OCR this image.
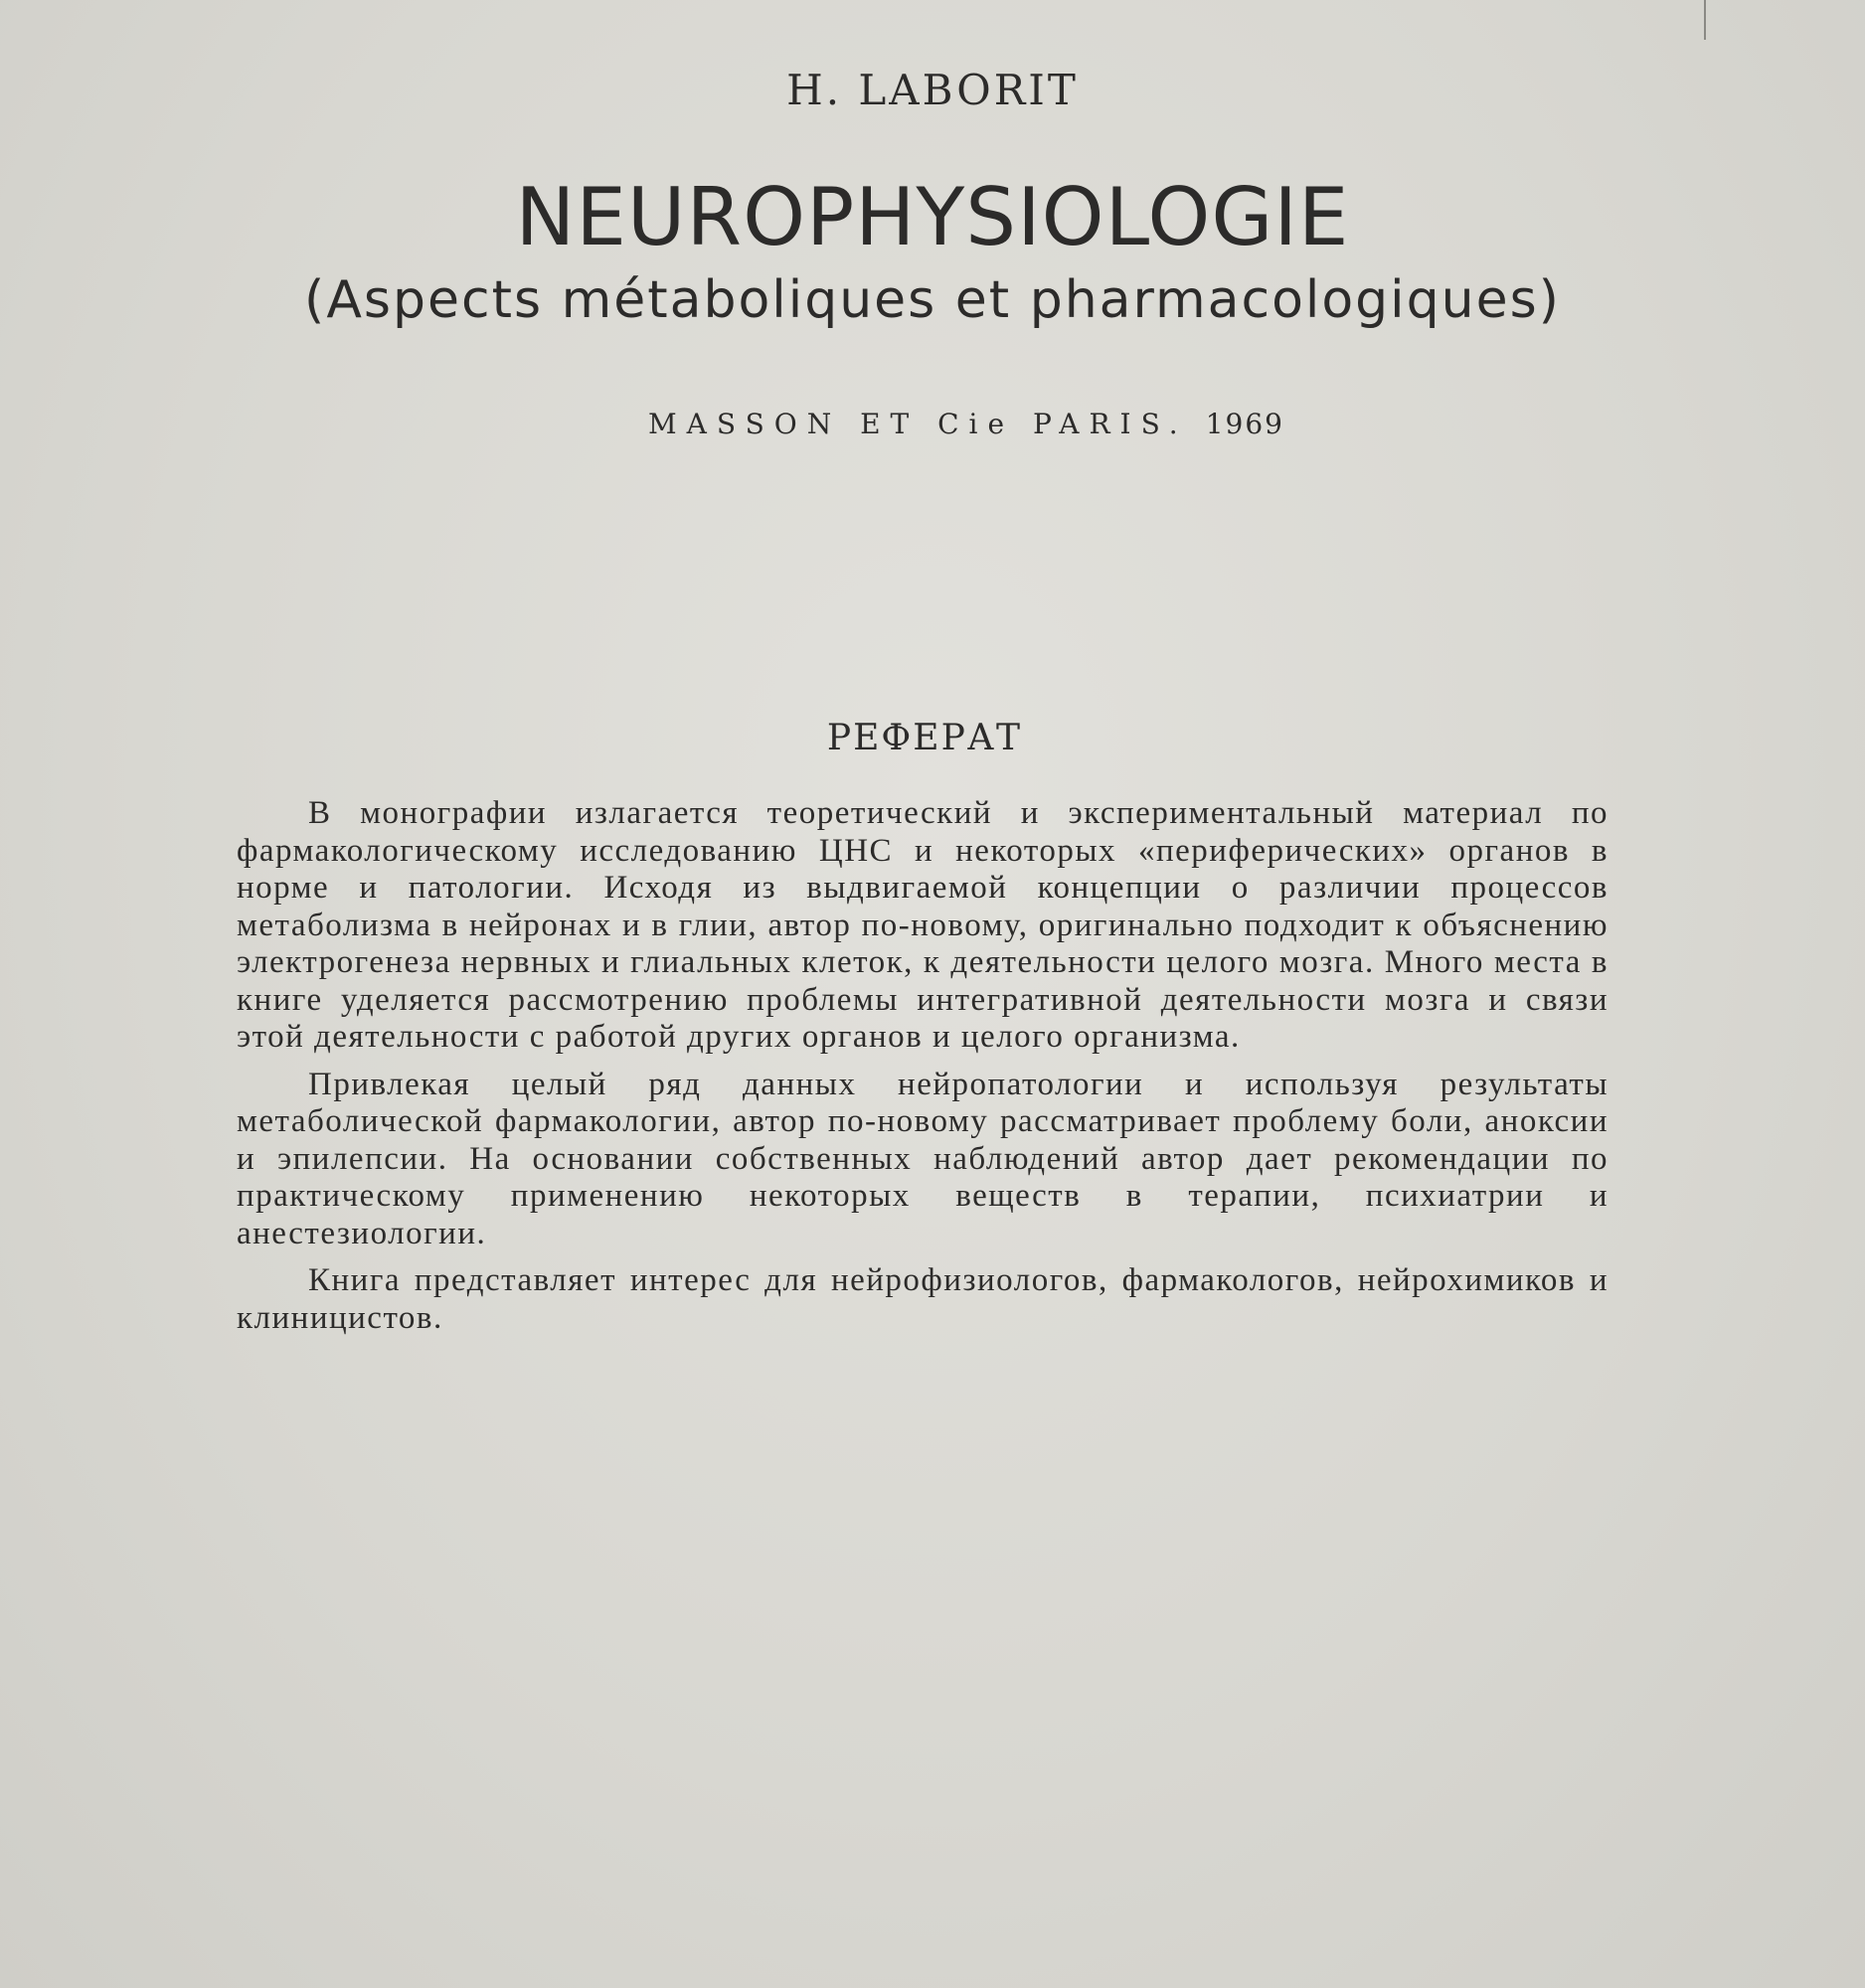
H. LABORIT
NEUROPHYSIOLOGIE
(Aspects métaboliques et pharmacologiques)
MASSON ET Cie PARIS. 1969
РЕФЕРАТ

В монографии излагается теоретический и экспериментальный материал по фармакологическому исследованию ЦНС и некоторых «периферических» органов в норме и патологии. Исходя из выдвигаемой концепции о различии процессов метаболизма в нейронах и в глии, автор по-новому, оригинально подходит к объяснению электрогенеза нервных и глиальных клеток, к деятельности целого мозга. Много места в книге уделяется рассмотрению проблемы интегративной деятельности мозга и связи этой деятельности с работой других органов и целого организма.

Привлекая целый ряд данных нейропатологии и используя результаты метаболической фармакологии, автор по-новому рассматривает проблему боли, аноксии и эпилепсии. На основании собственных наблюдений автор дает рекомендации по практическому применению некоторых веществ в терапии, психиатрии и анестезиологии.

Книга представляет интерес для нейрофизиологов, фармакологов, нейрохимиков и клиницистов.
